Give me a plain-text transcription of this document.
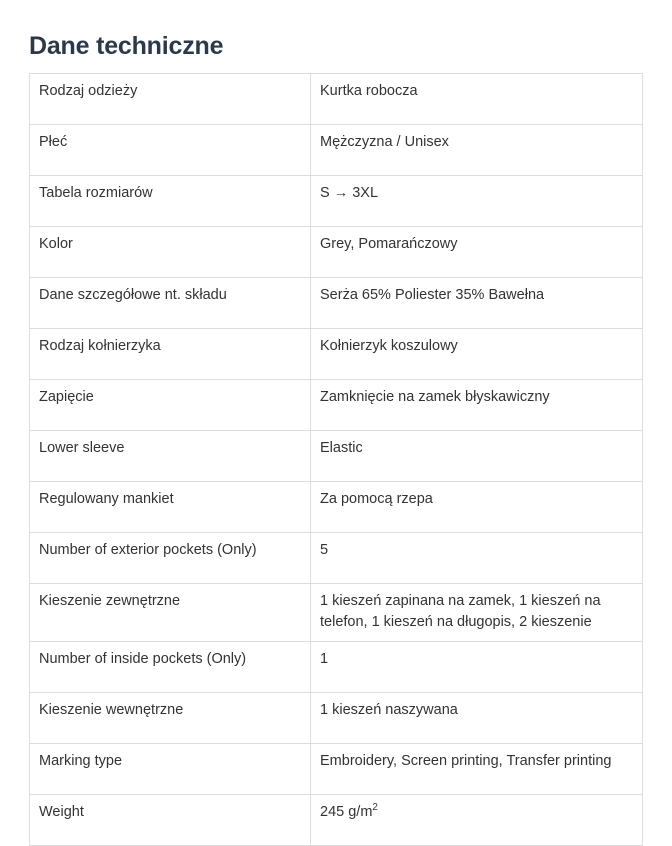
Dane techniczne
Rodzaj odzieży	Kurtka robocza
Płeć	Mężczyzna / Unisex
Tabela rozmiarów	S → 3XL
Kolor	Grey, Pomarańczowy
Dane szczegółowe nt. składu	Serża 65% Poliester 35% Bawełna
Rodzaj kołnierzyka	Kołnierzyk koszulowy
Zapięcie	Zamknięcie na zamek błyskawiczny
Lower sleeve	Elastic
Regulowany mankiet	Za pomocą rzepa
Number of exterior pockets (Only)	5
Kieszenie zewnętrzne	1 kieszeń zapinana na zamek, 1 kieszeń na telefon, 1 kieszeń na długopis, 2 kieszenie
Number of inside pockets (Only)	1
Kieszenie wewnętrzne	1 kieszeń naszywana
Marking type	Embroidery, Screen printing, Transfer printing
Weight	245 $g/m^2$
